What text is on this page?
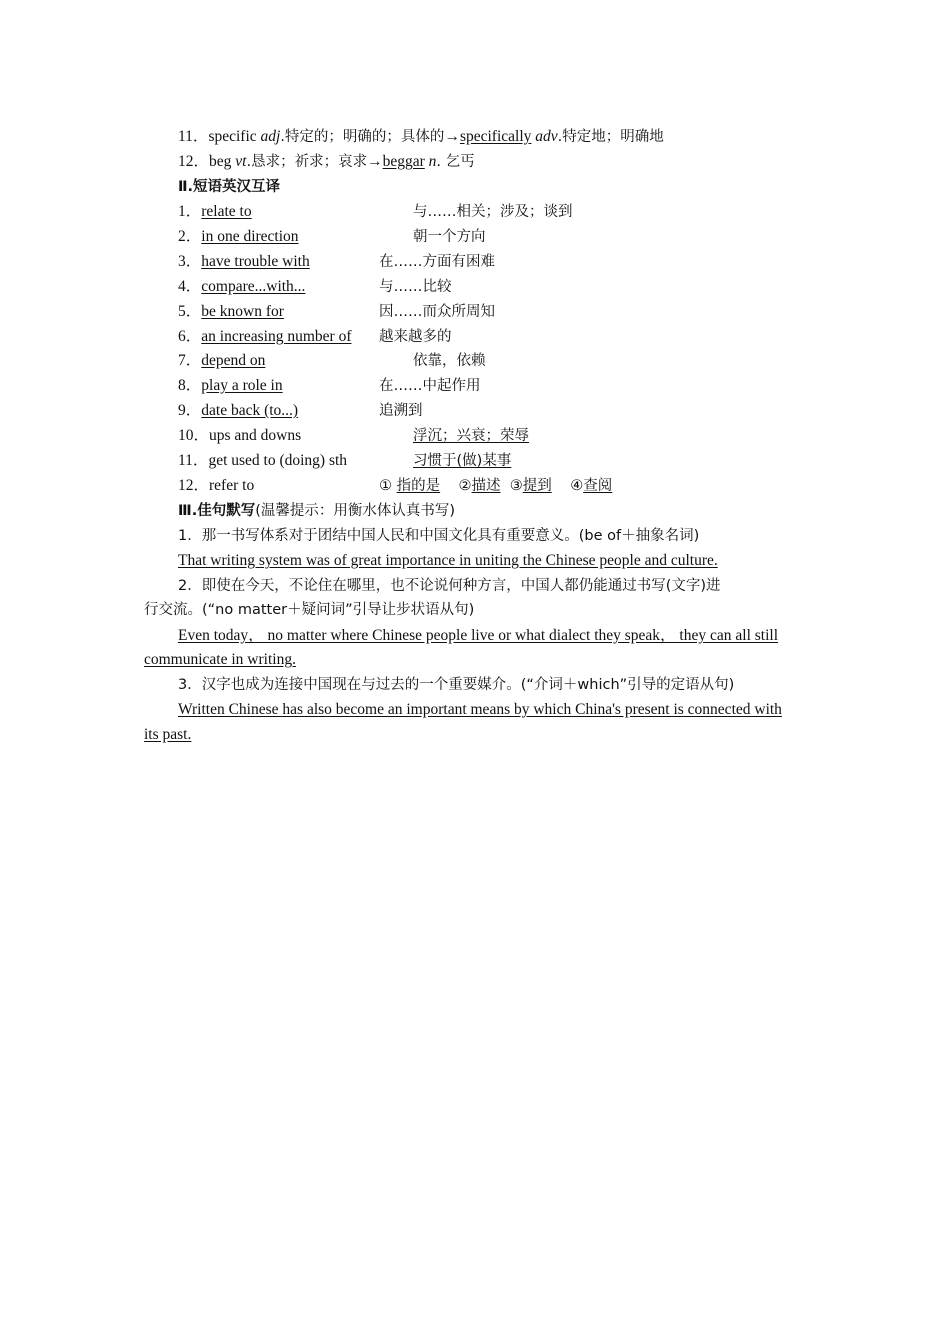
11．specific adj.特定的；明确的；具体的→specifically adv.特定地；明确地
12．beg vt.恳求；祈求；哀求→beggar n. 乞丐
Ⅱ.短语英汉互译
1．relate to	与……相关；涉及；谈到
2．in one direction	朝一个方向
3．have trouble with	在……方面有困难
4．compare...with...	与……比较
5．be known for	因……而众所周知
6．an increasing number of 越来越多的
7．depend on	依靠，依赖
8．play a role in	在……中起作用
9．date back (to...)	追溯到
10．ups and downs	浮沉；兴衰；荣辱
11．get used to (doing) sth	习惯于(做)某事
12．refer to	① 指的是 ②描述 ③提到 ④查阅
Ⅲ.佳句默写(温馨提示：用衡水体认真书写)
1．那一书写体系对于团结中国人民和中国文化具有重要意义。(be of＋抽象名词)
That writing system was of great importance in uniting the Chinese people and culture.
2．即使在今天，不论住在哪里，也不论说何种方言，中国人都仍能通过书写(文字)进
行交流。(“no matter＋疑问词”引导让步状语从句)
Even today， no matter where Chinese people live or what dialect they speak， they can all still
communicate in writing.
3．汉字也成为连接中国现在与过去的一个重要媒介。(“介词＋which”引导的定语从句)
Written Chinese has also become an important means by which China's present is connected with
its past.
